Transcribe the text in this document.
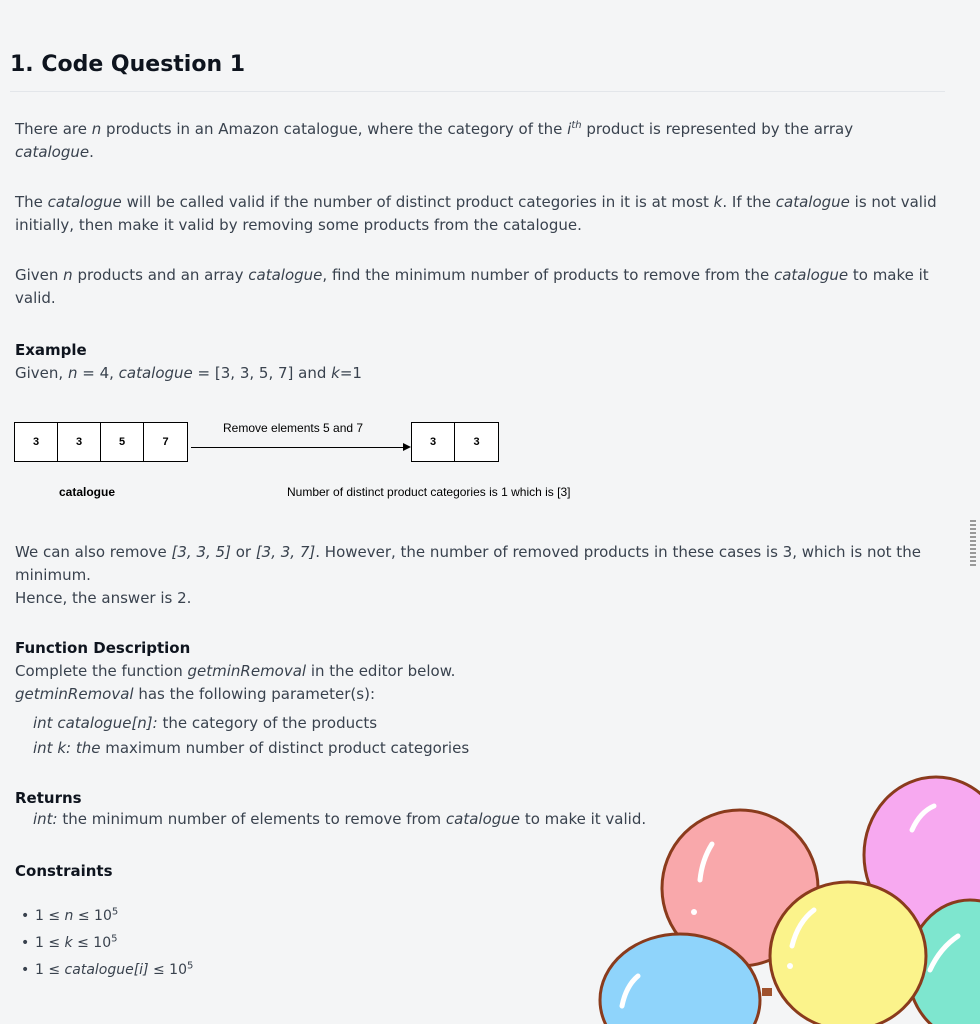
1. Code Question 1

There are n products in an Amazon catalogue, where the category of the $i^{th}$ product is represented by the array
catalogue.

The catalogue will be called valid if the number of distinct product categories in it is at most k. If the catalogue is not valid
initially, then make it valid by removing some products from the catalogue.

Given n products and an array catalogue, find the minimum number of products to remove from the catalogue to make it
valid.

Example

Given, n = 4, catalogue = [3, 3, 5, 7] and k=1

3	3	5	7
Remove elements 5 and 7
3	3
catalogue	Number of distinct product categories is 1 which is [3]

We can also remove [3, 3, 5] or [3, 3, 7]. However, the number of removed products in these cases is 3, which is not the
minimum.
Hence, the answer is 2.

Function Description

Complete the function getminRemoval in the editor below.
getminRemoval has the following parameter(s):

int catalogue[n]: the category of the products
int k: the maximum number of distinct product categories

Returns

int: the minimum number of elements to remove from catalogue to make it valid.

Constraints
• $1 \le n \le 10^5$
• $1 \le k \le 10^5$
• 1 ≤ catalogue[i] ≤ $10^5$
